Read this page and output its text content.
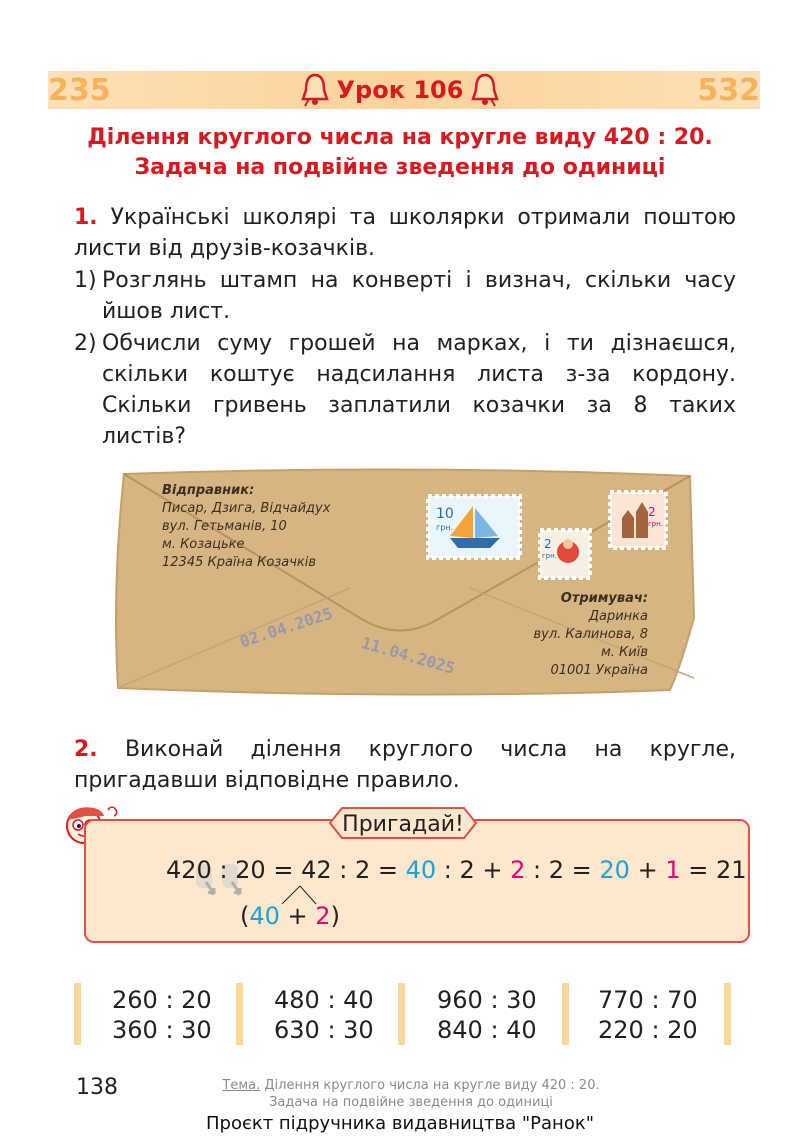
235	532
Урок 106
Ділення круглого числа на кругле виду 420 : 20.
Задача на подвійне зведення до одиниці
1. Українські школярі та школярки отримали поштою листи від друзів-козачків.
1) Розглянь штамп на конверті і визнач, скільки часу йшов лист.
2) Обчисли суму грошей на марках, і ти дізнаєшся, скільки коштує надсилання листа з-за кордону. Скільки гривень заплатили козачки за 8 таких листів?
10
грн.
2
грн.
2
грн.
Відправник:
Писар, Дзига, Відчайдух
вул. Гетьманів, 10
м. Козацьке
12345 Країна Козачків
Отримувач:
Даринка
вул. Калинова, 8
м. Київ
01001 Україна
02.04.2025
11.04.2025
2. Виконай ділення круглого числа на кругле, пригадавши відповідне правило.
Пригадай!
420 : 20 = 42 : 2 = 40 : 2 + 2 : 2 = 20 + 1 = 21
(40 + 2)
260 : 20
360 : 30
480 : 40
630 : 30
960 : 30
840 : 40
770 : 70
220 : 20
138	Тема. Ділення круглого числа на кругле виду 420 : 20.
Задача на подвійне зведення до одиниці
Проєкт підручника видавництва "Ранок"
